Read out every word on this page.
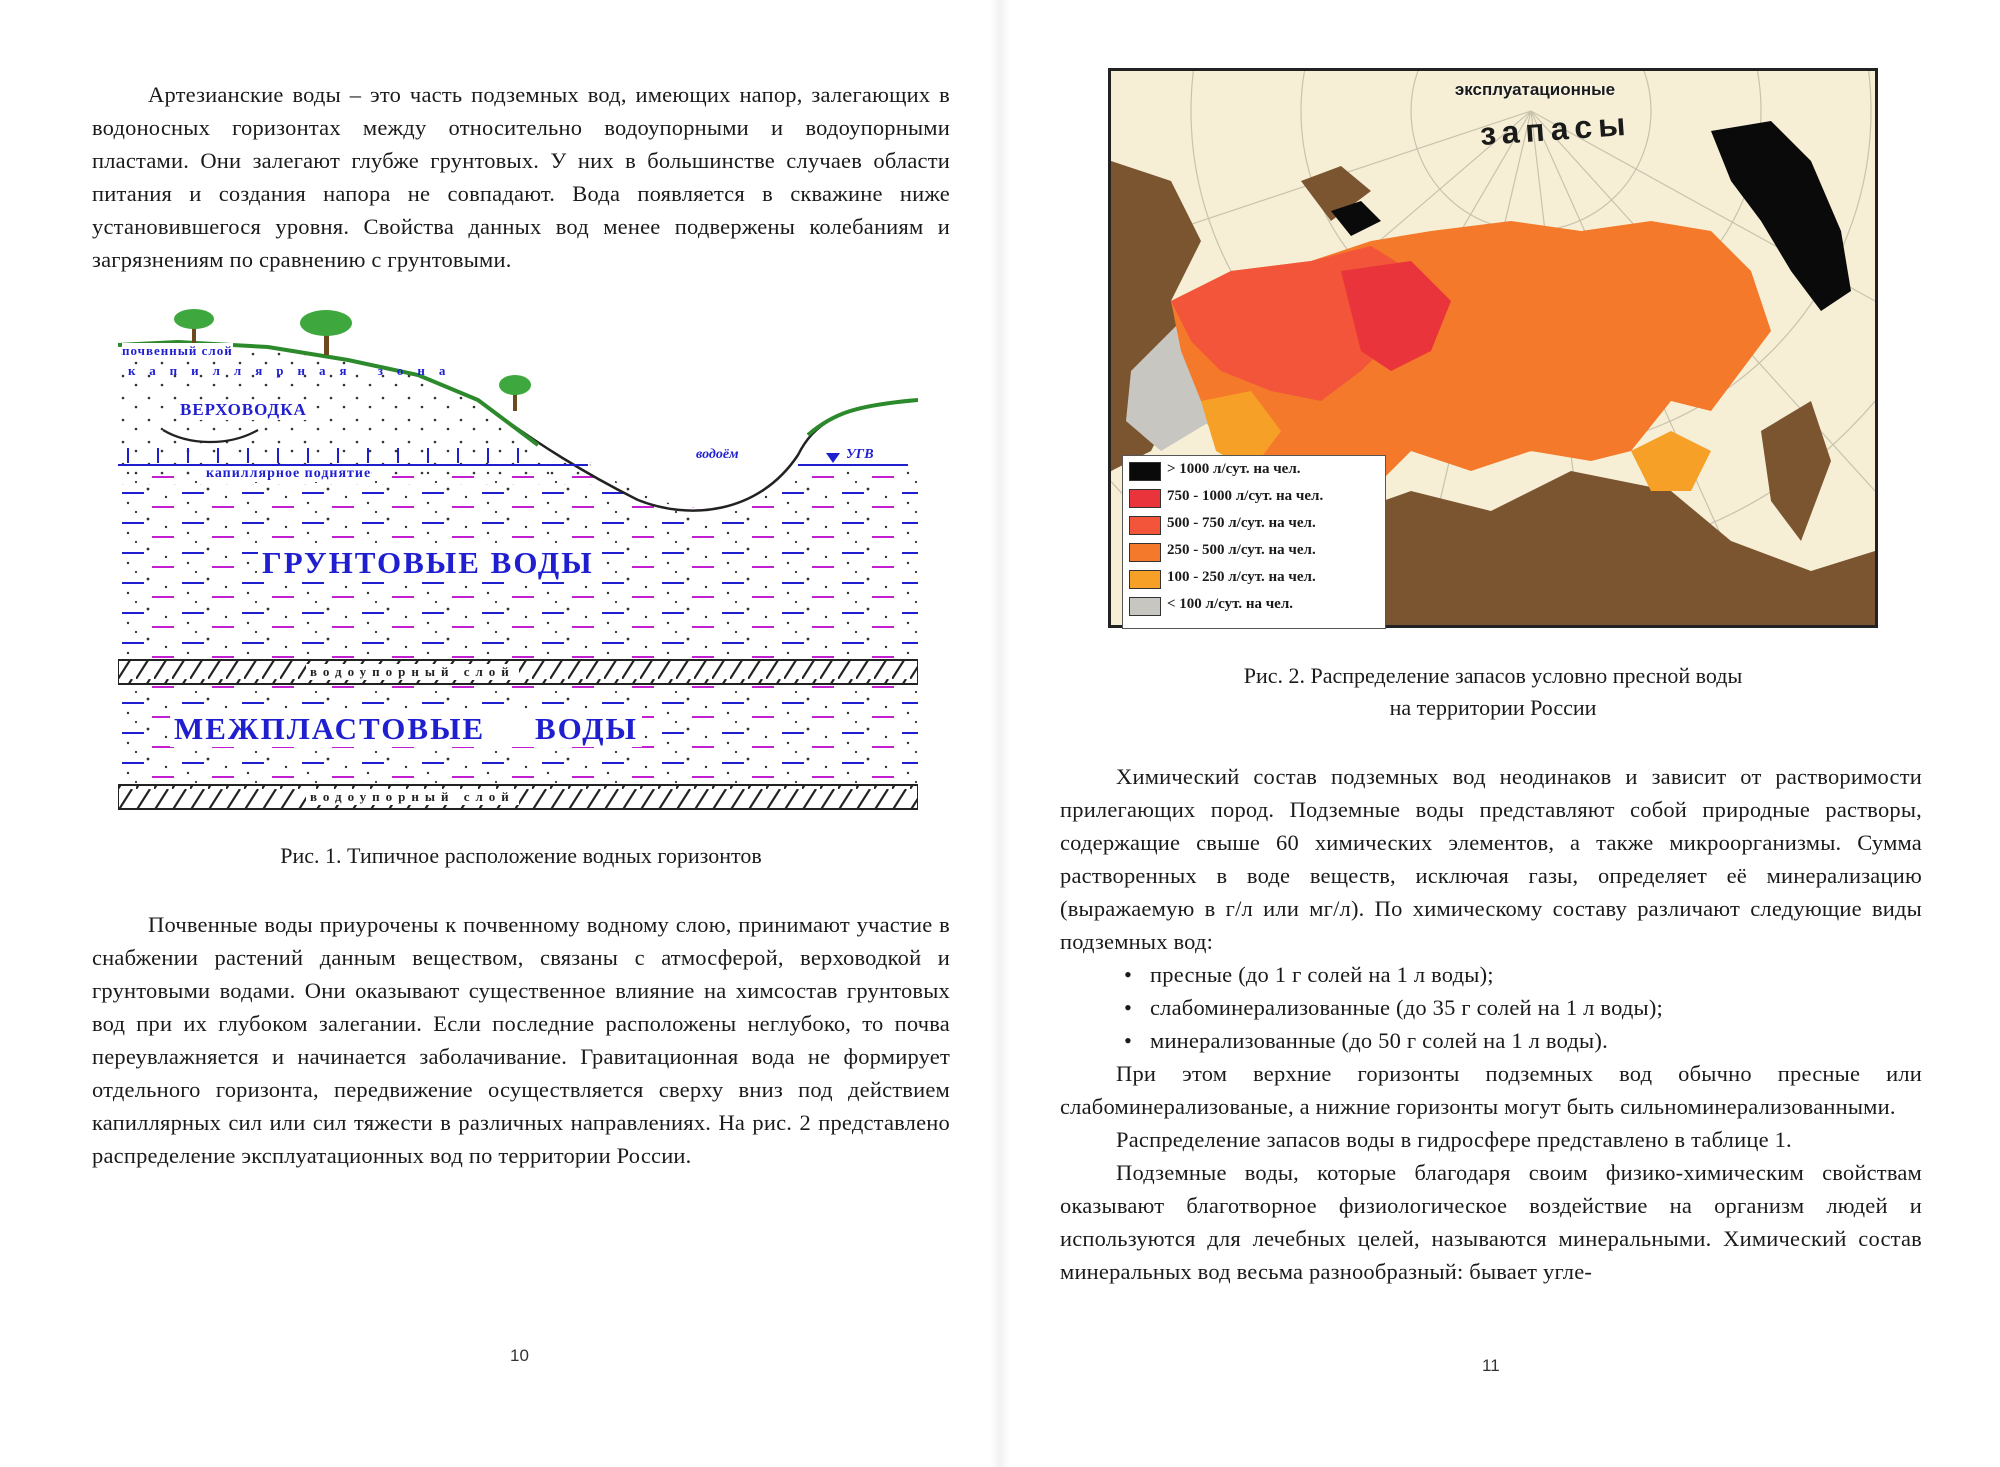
Артезианские воды – это часть подземных вод, имеющих напор, залегающих в водоносных горизонтах между относительно водоупорными и водоупорными пластами. Они залегают глубже грунтовых. У них в большинстве случаев области питания и создания напора не совпадают. Вода появляется в скважине ниже установившегося уровня. Свойства данных вод менее подвержены колебаниям и загрязнениям по сравнению с грунтовыми.

почвенный слой
капиллярная зона
ВЕРХОВОДКА
капиллярное поднятие
водоём	УГВ
ГРУНТОВЫЕ ВОДЫ
водоупорный слой
МЕЖПЛАСТОВЫЕ ВОДЫ
водоупорный слой
Рис. 1. Типичное расположение водных горизонтов

Почвенные воды приурочены к почвенному водному слою, принимают участие в снабжении растений данным веществом, связаны с атмосферой, верховодкой и грунтовыми водами. Они оказывают существенное влияние на химсостав грунтовых вод при их глубоком залегании. Если последние расположены неглубоко, то почва переувлажняется и начинается заболачивание. Гравитационная вода не формирует отдельного горизонта, передвижение осуществляется сверху вниз под действием капиллярных сил или сил тяжести в различных направлениях. На рис. 2 представлено распределение эксплуатационных вод по территории России.

10
эксплуатационные
запасы
> 1000 л/сут. на чел.
750 - 1000 л/сут. на чел.
500 - 750 л/сут. на чел.
250 - 500 л/сут. на чел.
100 - 250 л/сут. на чел.
< 100 л/сут. на чел.
Рис. 2. Распределение запасов условно пресной воды
на территории России

Химический состав подземных вод неодинаков и зависит от растворимости прилегающих пород. Подземные воды представляют собой природные растворы, содержащие свыше 60 химических элементов, а также микроорганизмы. Сумма растворенных в воде веществ, исключая газы, определяет её минерализацию (выражаемую в г/л или мг/л). По химическому составу различают следующие виды подземных вод:

• пресные (до 1 г солей на 1 л воды);
• слабоминерализованные (до 35 г солей на 1 л воды);
• минерализованные (до 50 г солей на 1 л воды).

При этом верхние горизонты подземных вод обычно пресные или слабоминерализованые, а нижние горизонты могут быть сильноминерализованными.

Распределение запасов воды в гидросфере представлено в таблице 1.

Подземные воды, которые благодаря своим физико-химическим свойствам оказывают благотворное физиологическое воздействие на организм людей и используются для лечебных целей, называются минеральными. Химический состав минеральных вод весьма разнообразный: бывает угле-

11
